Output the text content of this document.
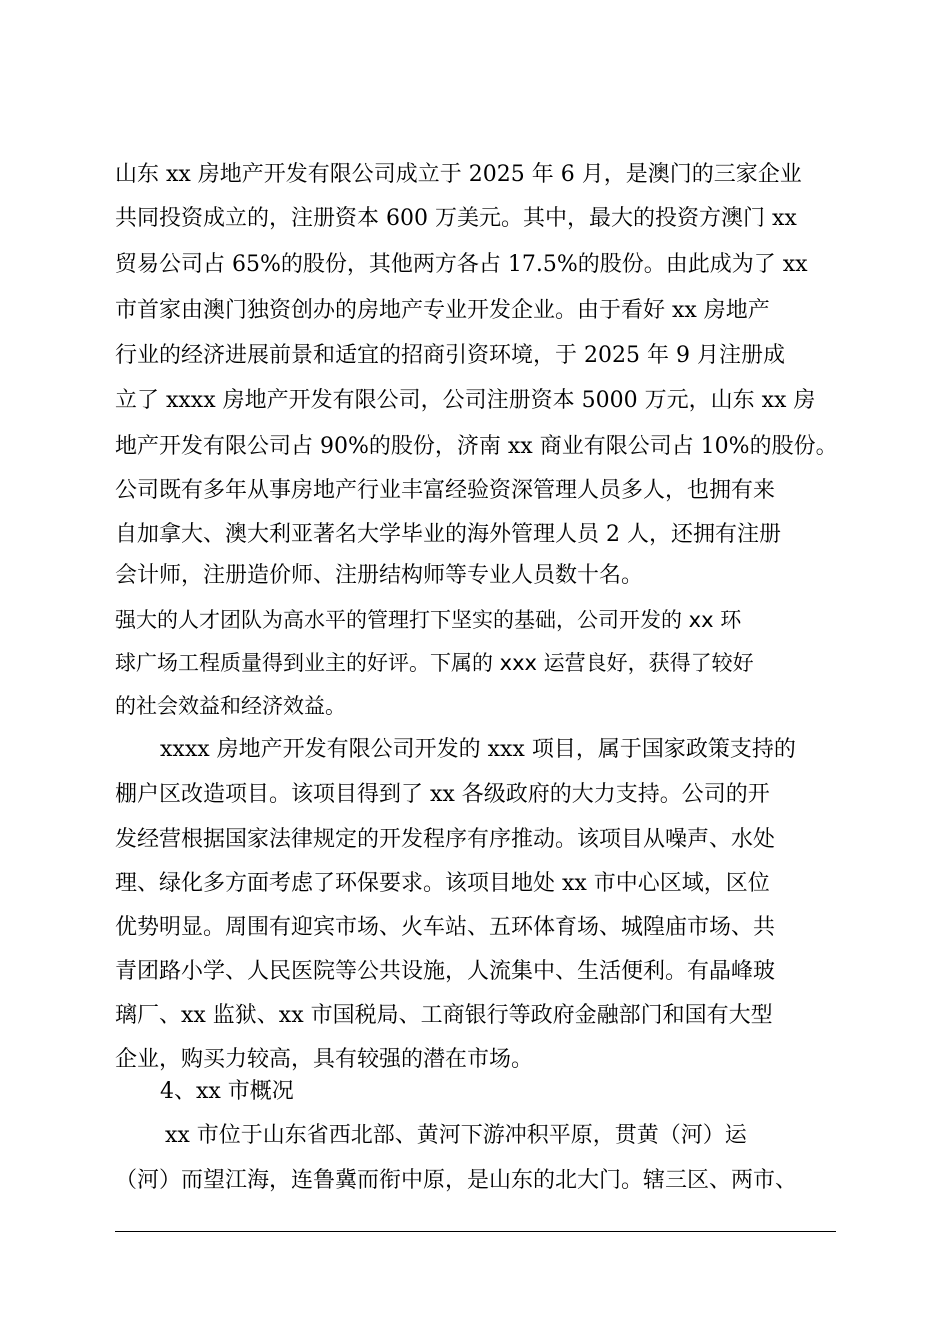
山东 xx 房地产开发有限公司成立于 2025 年 6 月，是澳门的三家企业
共同投资成立的，注册资本 600 万美元。其中，最大的投资方澳门 xx
贸易公司占 65%的股份，其他两方各占 17.5%的股份。由此成为了 xx
市首家由澳门独资创办的房地产专业开发企业。由于看好 xx 房地产
行业的经济进展前景和适宜的招商引资环境，于 2025 年 9 月注册成
立了 xxxx 房地产开发有限公司，公司注册资本 5000 万元，山东 xx 房
地产开发有限公司占 90%的股份，济南 xx 商业有限公司占 10%的股份。
公司既有多年从事房地产行业丰富经验资深管理人员多人，也拥有来
自加拿大、澳大利亚著名大学毕业的海外管理人员 2 人，还拥有注册
会计师，注册造价师、注册结构师等专业人员数十名。
强大的人才团队为高水平的管理打下坚实的基础，公司开发的 xx 环
球广场工程质量得到业主的好评。下属的 xxx 运营良好，获得了较好
的社会效益和经济效益。
xxxx 房地产开发有限公司开发的 xxx 项目，属于国家政策支持的
棚户区改造项目。该项目得到了 xx 各级政府的大力支持。公司的开
发经营根据国家法律规定的开发程序有序推动。该项目从噪声、水处
理、绿化多方面考虑了环保要求。该项目地处 xx 市中心区域，区位
优势明显。周围有迎宾市场、火车站、五环体育场、城隍庙市场、共
青团路小学、人民医院等公共设施，人流集中、生活便利。有晶峰玻
璃厂、xx 监狱、xx 市国税局、工商银行等政府金融部门和国有大型
企业，购买力较高，具有较强的潜在市场。
4、xx 市概况
xx 市位于山东省西北部、黄河下游冲积平原，贯黄（河）运
（河）而望江海，连鲁冀而衔中原，是山东的北大门。辖三区、两市、
